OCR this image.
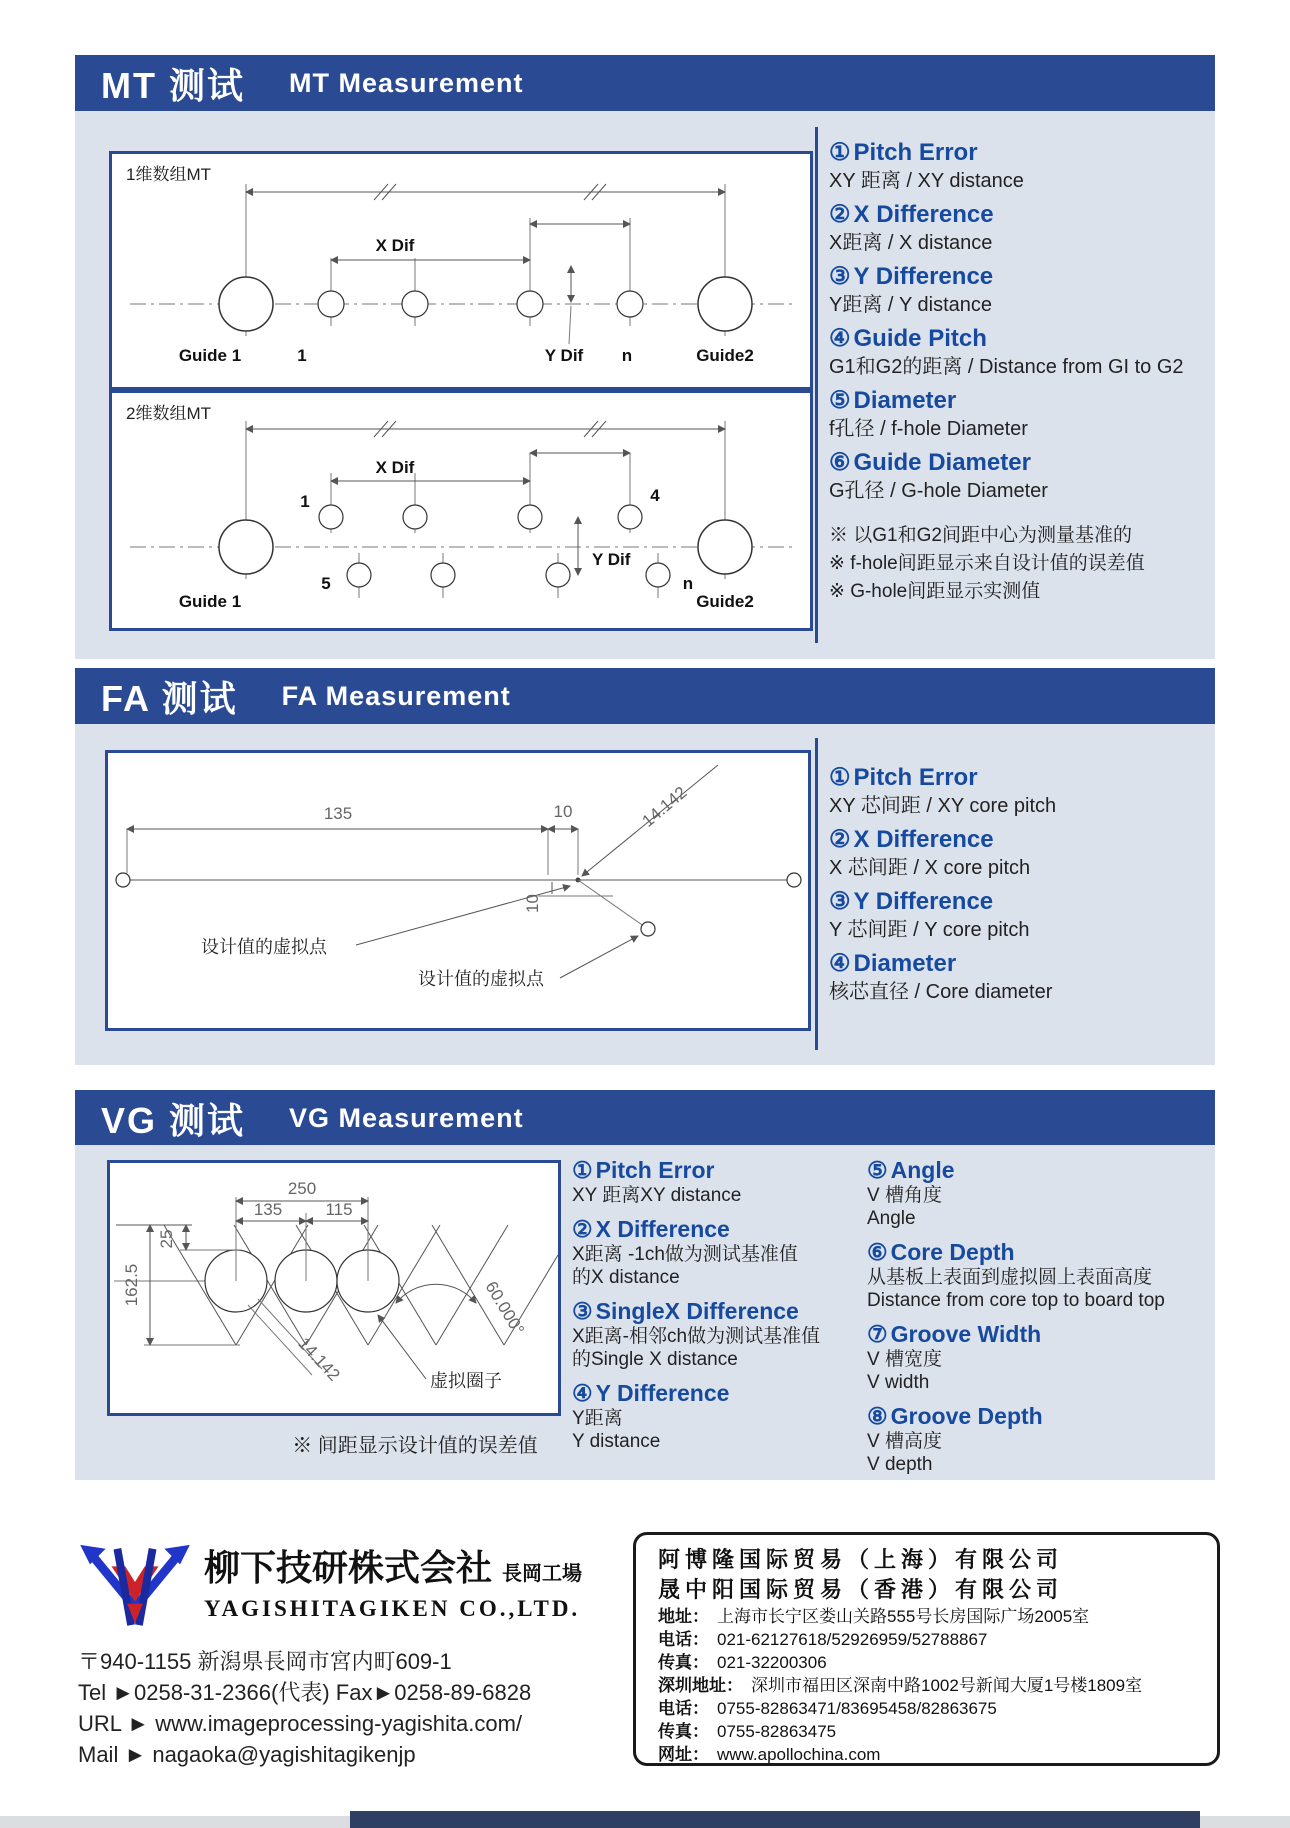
MT 测试 MT Measurement
1维数组MT
X Dif
Guide 1	1	Y Dif n	Guide2
2维数组MT
X Dif
1	4
5	n
Y Dif
Guide 1	Guide2
① Pitch Error
XY 距离 / XY distance
② X Difference
X距离 / X distance
③ Y Difference
Y距离 / Y distance
④ Guide Pitch
G1和G2的距离 / Distance from GI to G2
⑤ Diameter
f孔径 / f-hole Diameter
⑥ Guide Diameter
G孔径 / G-hole Diameter
※ 以G1和G2间距中心为测量基准的
※ f-hole间距显示来自设计值的误差值
※ G-hole间距显示实测值
FA 测试 FA Measurement
135	10	14.142
10
设计值的虚拟点
设计值的虚拟点
① Pitch Error
XY 芯间距 / XY core pitch
② X Difference
X 芯间距 / X core pitch
③ Y Difference
Y 芯间距 / Y core pitch
④ Diameter
核芯直径 / Core diameter
VG 测试 VG Measurement
250
135	115
25
162.5
14.142
60.000°
虚拟圈子
※ 间距显示设计值的误差值
① Pitch Error
XY 距离XY distance
② X Difference
X距离 -1ch做为测试基准值
的X distance
③ SingleX Difference
X距离-相邻ch做为测试基准值
的Single X distance
④ Y Difference
Y距离
Y distance
⑤ Angle
V 槽角度
Angle
⑥ Core Depth
从基板上表面到虚拟圆上表面高度
Distance from core top to board top
⑦ Groove Width
V 槽宽度
V width
⑧ Groove Depth
V 槽高度
V depth
柳下技研株式会社 長岡工場
YAGISHITAGIKEN CO.,LTD.
〒940-1155 新潟県長岡市宮内町609-1
Tel ►0258-31-2366(代表) Fax►0258-89-6828
URL ► www.imageprocessing-yagishita.com/
Mail ► nagaoka@yagishitagikenjp
阿博隆国际贸易（上海）有限公司
晟中阳国际贸易（香港）有限公司
地址： 上海市长宁区娄山关路555号长房国际广场2005室
电话： 021-62127618/52926959/52788867
传真： 021-32200306
深圳地址： 深圳市福田区深南中路1002号新闻大厦1号楼1809室
电话： 0755-82863471/83695458/82863675
传真： 0755-82863475
网址： www.apollochina.com
